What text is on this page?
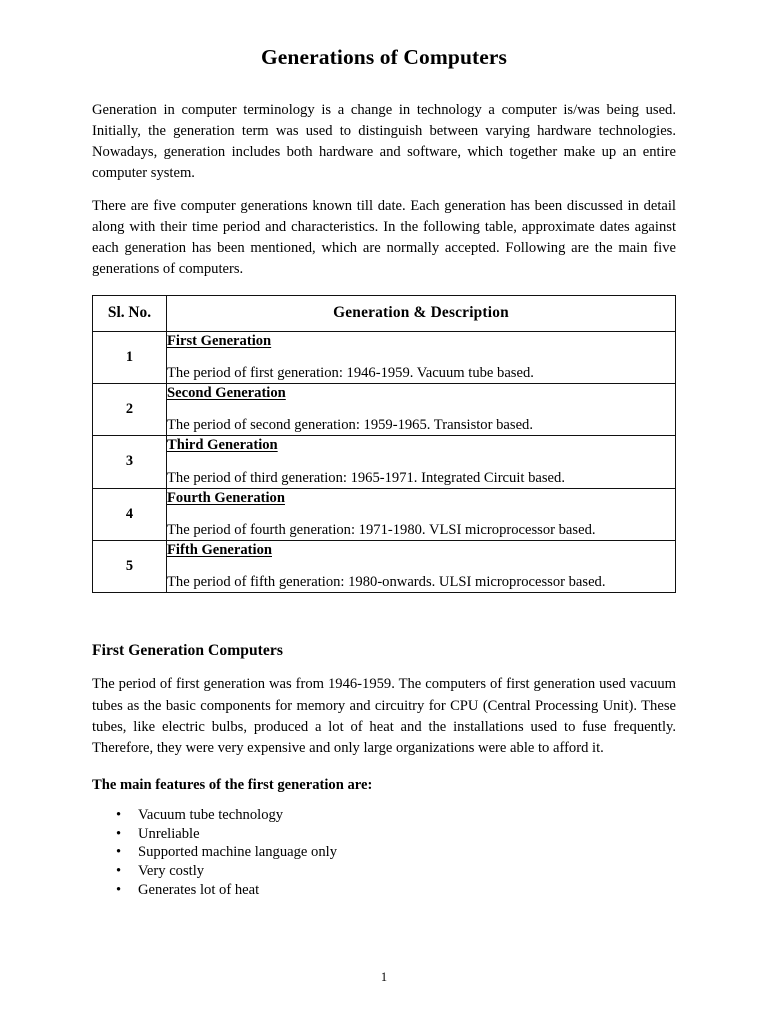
Generations of Computers

Generation in computer terminology is a change in technology a computer is/was being used. Initially, the generation term was used to distinguish between varying hardware technologies. Nowadays, generation includes both hardware and software, which together make up an entire computer system.

There are five computer generations known till date. Each generation has been discussed in detail along with their time period and characteristics. In the following table, approximate dates against each generation has been mentioned, which are normally accepted. Following are the main five generations of computers.

Sl. No.	Generation & Description

1	First Generation
The period of first generation: 1946-1959. Vacuum tube based.

2	Second Generation
The period of second generation: 1959-1965. Transistor based.

3	Third Generation
The period of third generation: 1965-1971. Integrated Circuit based.

4	Fourth Generation
The period of fourth generation: 1971-1980. VLSI microprocessor based.

5	Fifth Generation
The period of fifth generation: 1980-onwards. ULSI microprocessor based.
First Generation Computers

The period of first generation was from 1946-1959. The computers of first generation used vacuum tubes as the basic components for memory and circuitry for CPU (Central Processing Unit). These tubes, like electric bulbs, produced a lot of heat and the installations used to fuse frequently. Therefore, they were very expensive and only large organizations were able to afford it.

The main features of the first generation are:

• Vacuum tube technology
• Unreliable
• Supported machine language only
• Very costly
• Generates lot of heat
1
